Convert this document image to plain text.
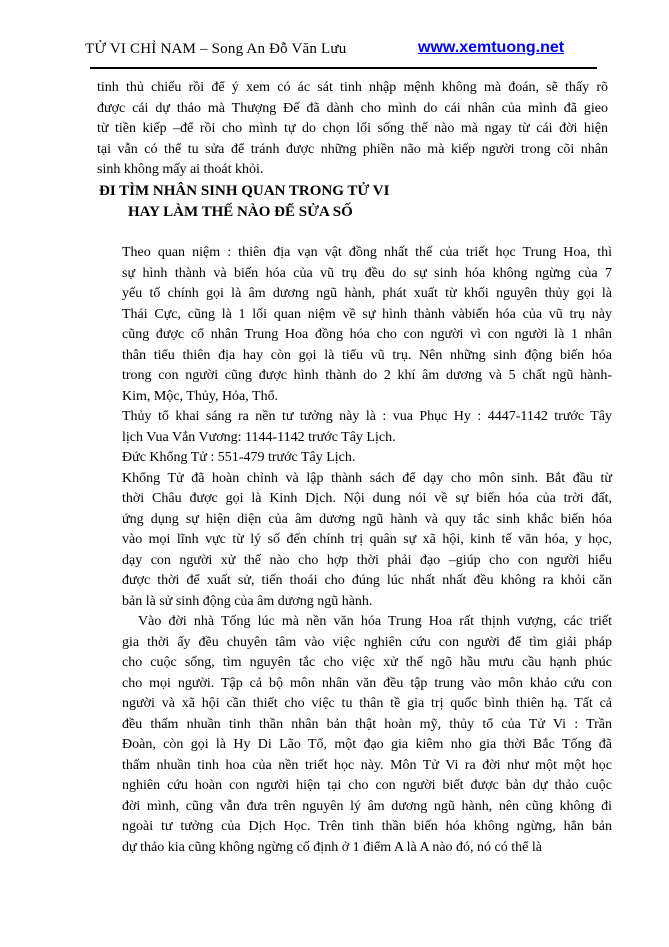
TỬ VI CHỈ NAM – Song An Đỗ Văn Lưu	www.xemtuong.net
tinh thủ chiếu rồi để ý xem có ác sát tinh nhập mệnh không mà đoán, sẽ thấy rõ
được cái dự thảo mà Thượng Đế đã dành cho mình do cái nhân của mình đã gieo
từ tiền kiếp –để rồi cho mình tự do chọn lối sống thế nào mà ngay từ cái đời hiện
tại vẫn có thể tu sửa để tránh được những phiền não mà kiếp người trong cõi nhân
sinh không mấy ai thoát khỏi.
ĐI TÌM NHÂN SINH QUAN TRONG TỬ VI
HAY LÀM THẾ NÀO ĐỂ SỬA SỐ
Theo quan niệm : thiên địa vạn vật đồng nhất thế của triết học Trung Hoa, thì
sự hình thành và biến hóa của vũ trụ đều do sự sinh hóa không ngừng của 7
yếu tố chính gọi là âm dương ngũ hành, phát xuất từ khối nguyên thủy gọi là
Thái Cực, cũng là 1 lối quan niệm về sự hình thành vàbiến hóa của vũ trụ này
cũng được cổ nhân Trung Hoa đồng hóa cho con người vì con người là 1 nhân
thân tiểu thiên địa hay còn gọi là tiểu vũ trụ. Nên những sinh động biến hóa
trong con người cũng được hình thành do 2 khí âm dương và 5 chất ngũ hành-
Kim, Mộc, Thủy, Hỏa, Thổ.
Thủy tổ khai sáng ra nền tư tưởng này là : vua Phục Hy : 4447-1142 trước Tây
lịch Vua Vắn Vương: 1144-1142 trước Tây Lịch.
Đức Khổng Tử : 551-479 trước Tây Lịch.
Khổng Tử đã hoàn chỉnh và lập thành sách để dạy cho môn sinh. Bắt đầu từ
thời Châu được gọi là Kinh Dịch. Nội dung nói về sự biến hóa của trời đất,
ứng dụng sự hiện diện của âm dương ngũ hành và quy tắc sinh khắc biến hóa
vào mọi lĩnh vực từ lý số đến chính trị quân sự xã hội, kinh tế văn hóa, y học,
dạy con người xử thế nào cho hợp thời phải đạo –giúp cho con người hiểu
được thời để xuất sử, tiến thoái cho đúng lúc nhất nhất đều không ra khỏi căn
bản là sử sinh động của âm dương ngũ hành.
Vào đời nhà Tống lúc mà nền văn hóa Trung Hoa rất thịnh vượng, các triết
gia thời ấy đều chuyên tâm vào việc nghiên cứu con người để tìm giải pháp
cho cuộc sống, tìm nguyên tắc cho việc xử thế ngõ hầu mưu cầu hạnh phúc
cho mọi người. Tập cả bộ môn nhân văn đều tập trung vào môn khảo cứu con
người và xã hội cần thiết cho việc tu thân tề gia trị quốc bình thiên hạ. Tất cả
đều thấm nhuần tinh thần nhân bản thật hoàn mỹ, thủy tổ của Tử Vi : Trần
Đoàn, còn gọi là Hy Di Lão Tổ, một đạo gia kiêm nho gia thời Bắc Tống đã
thấm nhuần tinh hoa của nền triết học này. Môn Tử Vi ra đời như một một học
nghiên cứu hoàn con người hiện tại cho con người biết được bản dự thảo cuộc
đời mình, cũng vẫn đưa trên nguyên lý âm dương ngũ hành, nên cũng không đi
ngoài tư tưởng của Dịch Học. Trên tinh thần biến hóa không ngừng, hẳn bản
dự thảo kia cũng không ngừng cố định ở 1 điểm A là A nào đó, nó có thể là
